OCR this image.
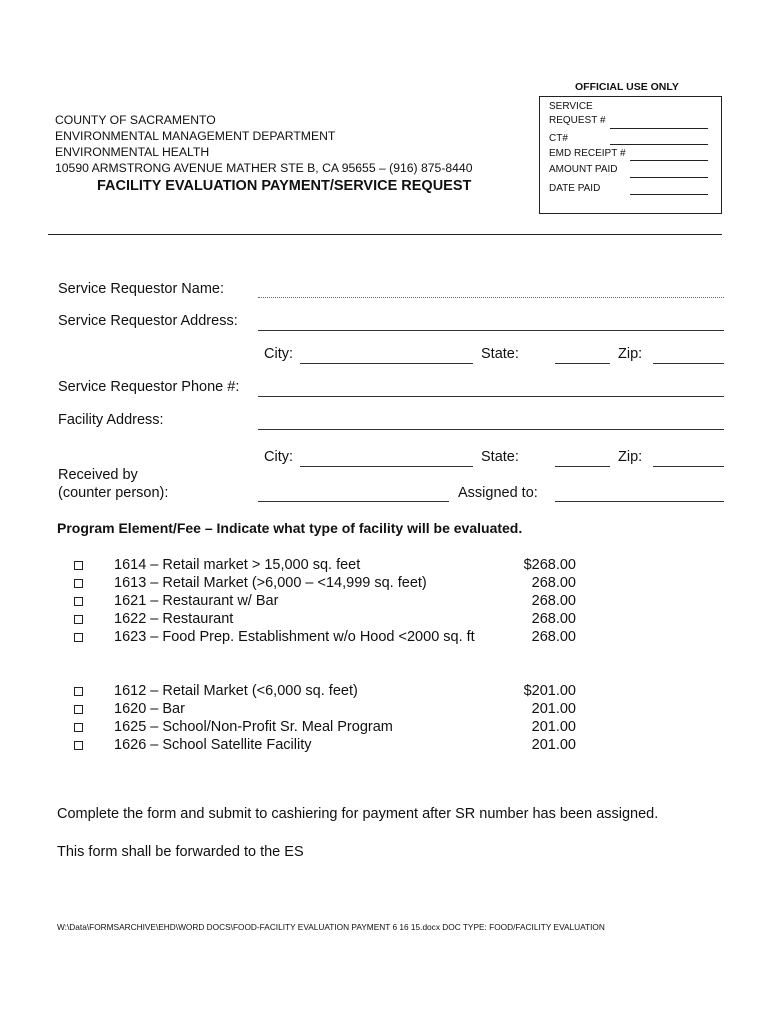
OFFICIAL USE ONLY
SERVICE
REQUEST #
CT#
EMD RECEIPT #
AMOUNT PAID
DATE PAID
COUNTY OF SACRAMENTO
ENVIRONMENTAL MANAGEMENT DEPARTMENT
ENVIRONMENTAL HEALTH
10590 ARMSTRONG AVENUE MATHER STE B, CA 95655 – (916) 875-8440
FACILITY EVALUATION PAYMENT/SERVICE REQUEST
Service Requestor Name:
Service Requestor Address:
City:	State:	Zip:
Service Requestor Phone #:
Facility Address:
City:	State:	Zip:
Received by
(counter person):	Assigned to:
Program Element/Fee – Indicate what type of facility will be evaluated.
1614 – Retail market > 15,000 sq. feet	$268.00
1613 – Retail Market (>6,000 – <14,999 sq. feet)	268.00
1621 – Restaurant w/ Bar	268.00
1622 – Restaurant	268.00
1623 – Food Prep. Establishment w/o Hood <2000 sq. ft	268.00
1612 – Retail Market (<6,000 sq. feet)	$201.00
1620 – Bar	201.00
1625 – School/Non-Profit Sr. Meal Program	201.00
1626 – School Satellite Facility	201.00
Complete the form and submit to cashiering for payment after SR number has been assigned.
This form shall be forwarded to the ES
W:\Data\FORMSARCHIVE\EHD\WORD DOCS\FOOD-FACILITY EVALUATION PAYMENT 6 16 15.docx DOC TYPE: FOOD/FACILITY EVALUATION
